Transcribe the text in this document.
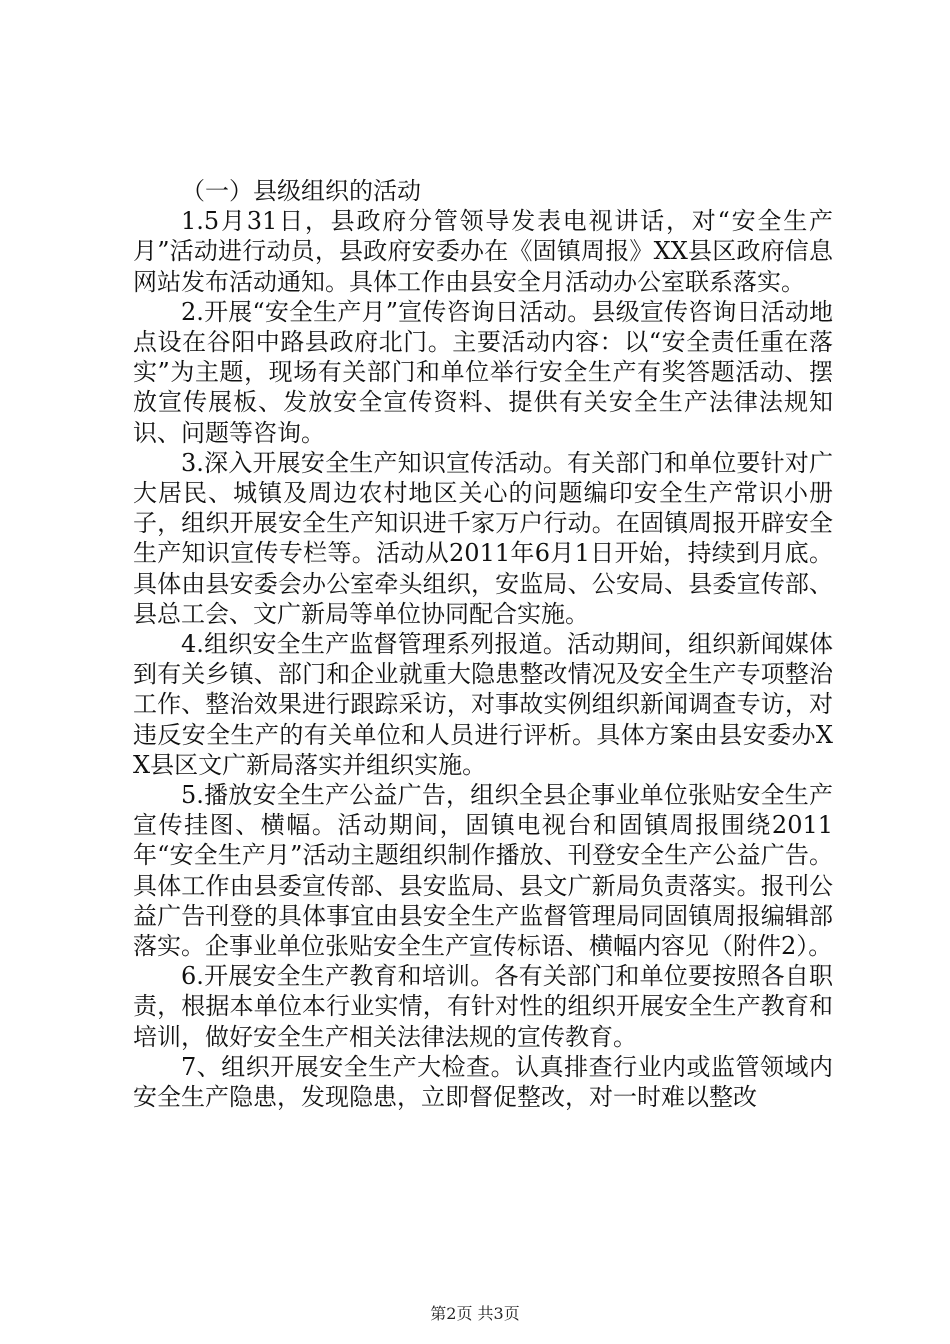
（一）县级组织的活动

1.5月31日，县政府分管领导发表电视讲话，对“安全生产月”活动进行动员，县政府安委办在《固镇周报》XX县区政府信息网站发布活动通知。具体工作由县安全月活动办公室联系落实。

2.开展“安全生产月”宣传咨询日活动。县级宣传咨询日活动地点设在谷阳中路县政府北门。主要活动内容：以“安全责任重在落实”为主题，现场有关部门和单位举行安全生产有奖答题活动、摆放宣传展板、发放安全宣传资料、提供有关安全生产法律法规知识、问题等咨询。

3.深入开展安全生产知识宣传活动。有关部门和单位要针对广大居民、城镇及周边农村地区关心的问题编印安全生产常识小册子，组织开展安全生产知识进千家万户行动。在固镇周报开辟安全生产知识宣传专栏等。活动从2011年6月1日开始，持续到月底。具体由县安委会办公室牵头组织，安监局、公安局、县委宣传部、县总工会、文广新局等单位协同配合实施。

4.组织安全生产监督管理系列报道。活动期间，组织新闻媒体到有关乡镇、部门和企业就重大隐患整改情况及安全生产专项整治工作、整治效果进行跟踪采访，对事故实例组织新闻调查专访，对违反安全生产的有关单位和人员进行评析。具体方案由县安委办XX县区文广新局落实并组织实施。

5.播放安全生产公益广告，组织全县企事业单位张贴安全生产宣传挂图、横幅。活动期间，固镇电视台和固镇周报围绕2011年“安全生产月”活动主题组织制作播放、刊登安全生产公益广告。具体工作由县委宣传部、县安监局、县文广新局负责落实。报刊公益广告刊登的具体事宜由县安全生产监督管理局同固镇周报编辑部落实。企事业单位张贴安全生产宣传标语、横幅内容见（附件2）。

6.开展安全生产教育和培训。各有关部门和单位要按照各自职责，根据本单位本行业实情，有针对性的组织开展安全生产教育和培训，做好安全生产相关法律法规的宣传教育。

7、组织开展安全生产大检查。认真排查行业内或监管领域内安全生产隐患，发现隐患，立即督促整改，对一时难以整改

第2页 共3页
